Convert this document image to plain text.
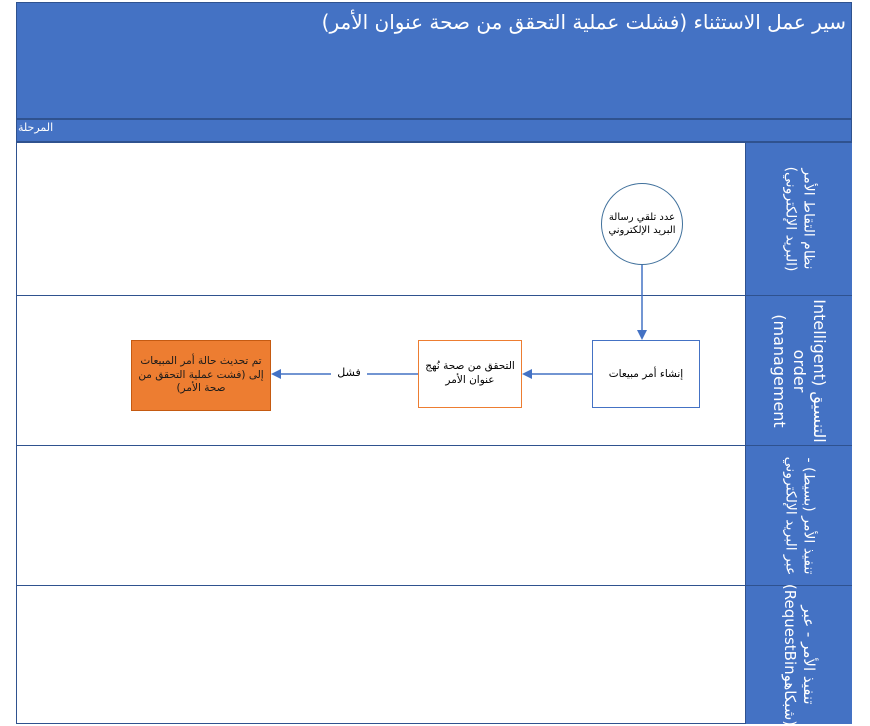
سير عمل الاستثناء (فشلت عملية التحقق من صحة عنوان الأمر)
المرحلة
نظام التقاط الأمر
(البريد الإلكتروني)
التنسيق (Intelligent
order
management)
تنفيذ الأمر (بسيط) -
عبر البريد الإلكتروني
تنفيذ الأمر - عبر
(شبكاهوRequestBin)
عدد تلقي رسالة البريد الإلكتروني
إنشاء أمر مبيعات
التحقق من صحة نُهج عنوان الأمر
تم تحديث حالة أمر المبيعات إلى (فشت عملية التحقق من صحة الأمر)
فشل
